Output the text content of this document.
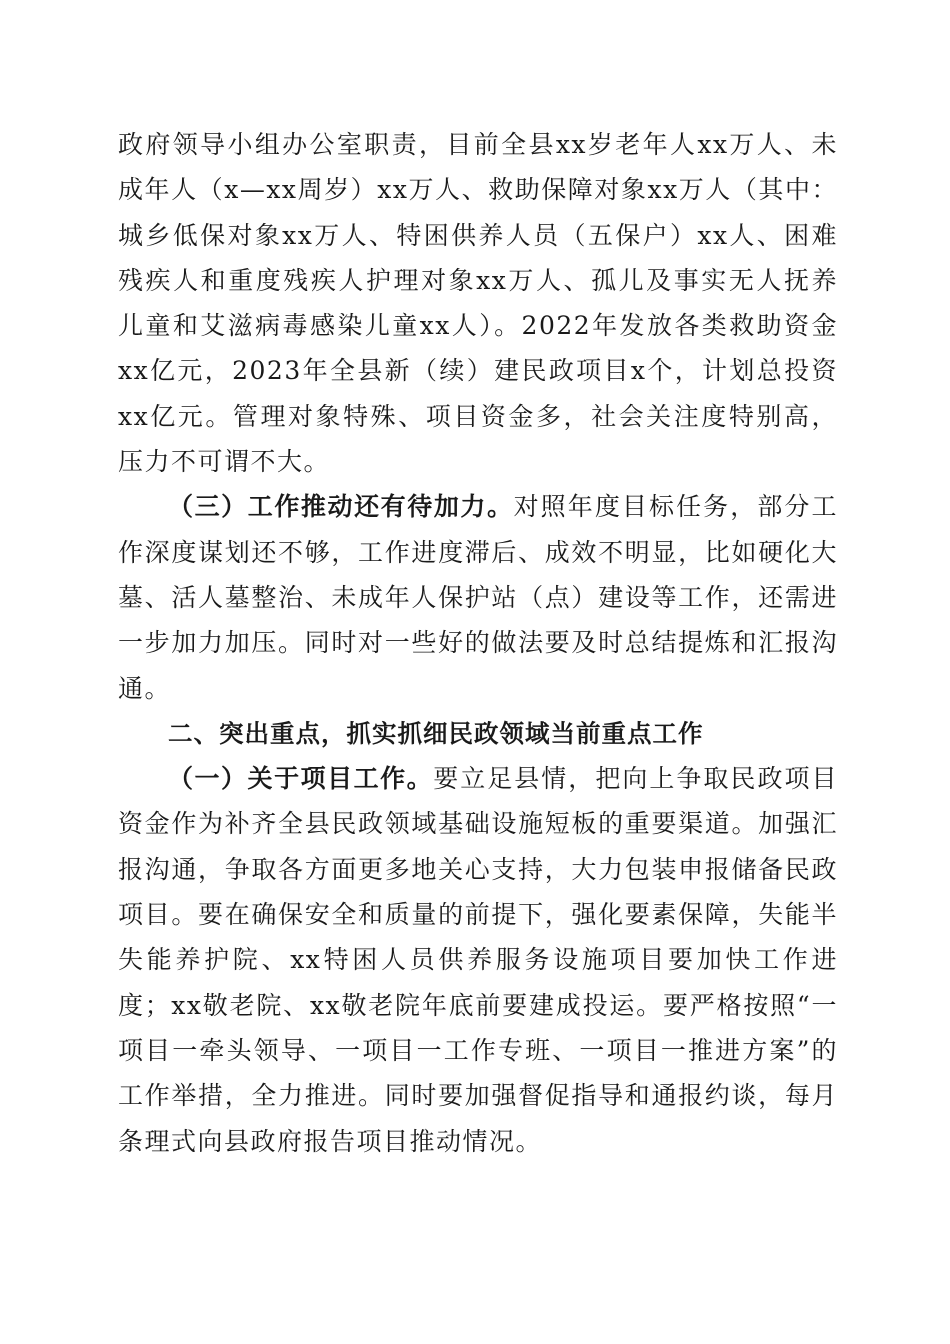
政府领导小组办公室职责，目前全县xx岁老年人xx万人、未成年人（x—xx周岁）xx万人、救助保障对象xx万人（其中：城乡低保对象xx万人、特困供养人员（五保户）xx人、困难残疾人和重度残疾人护理对象xx万人、孤儿及事实无人抚养儿童和艾滋病毒感染儿童xx人）。2022年发放各类救助资金xx亿元，2023年全县新（续）建民政项目x个，计划总投资xx亿元。管理对象特殊、项目资金多，社会关注度特别高，压力不可谓不大。

（三）工作推动还有待加力。对照年度目标任务，部分工作深度谋划还不够，工作进度滞后、成效不明显，比如硬化大墓、活人墓整治、未成年人保护站（点）建设等工作，还需进一步加力加压。同时对一些好的做法要及时总结提炼和汇报沟通。

二、突出重点，抓实抓细民政领域当前重点工作

（一）关于项目工作。要立足县情，把向上争取民政项目资金作为补齐全县民政领域基础设施短板的重要渠道。加强汇报沟通，争取各方面更多地关心支持，大力包装申报储备民政项目。要在确保安全和质量的前提下，强化要素保障，失能半失能养护院、xx特困人员供养服务设施项目要加快工作进度；xx敬老院、xx敬老院年底前要建成投运。要严格按照“一项目一牵头领导、一项目一工作专班、一项目一推进方案”的工作举措，全力推进。同时要加强督促指导和通报约谈，每月条理式向县政府报告项目推动情况。
